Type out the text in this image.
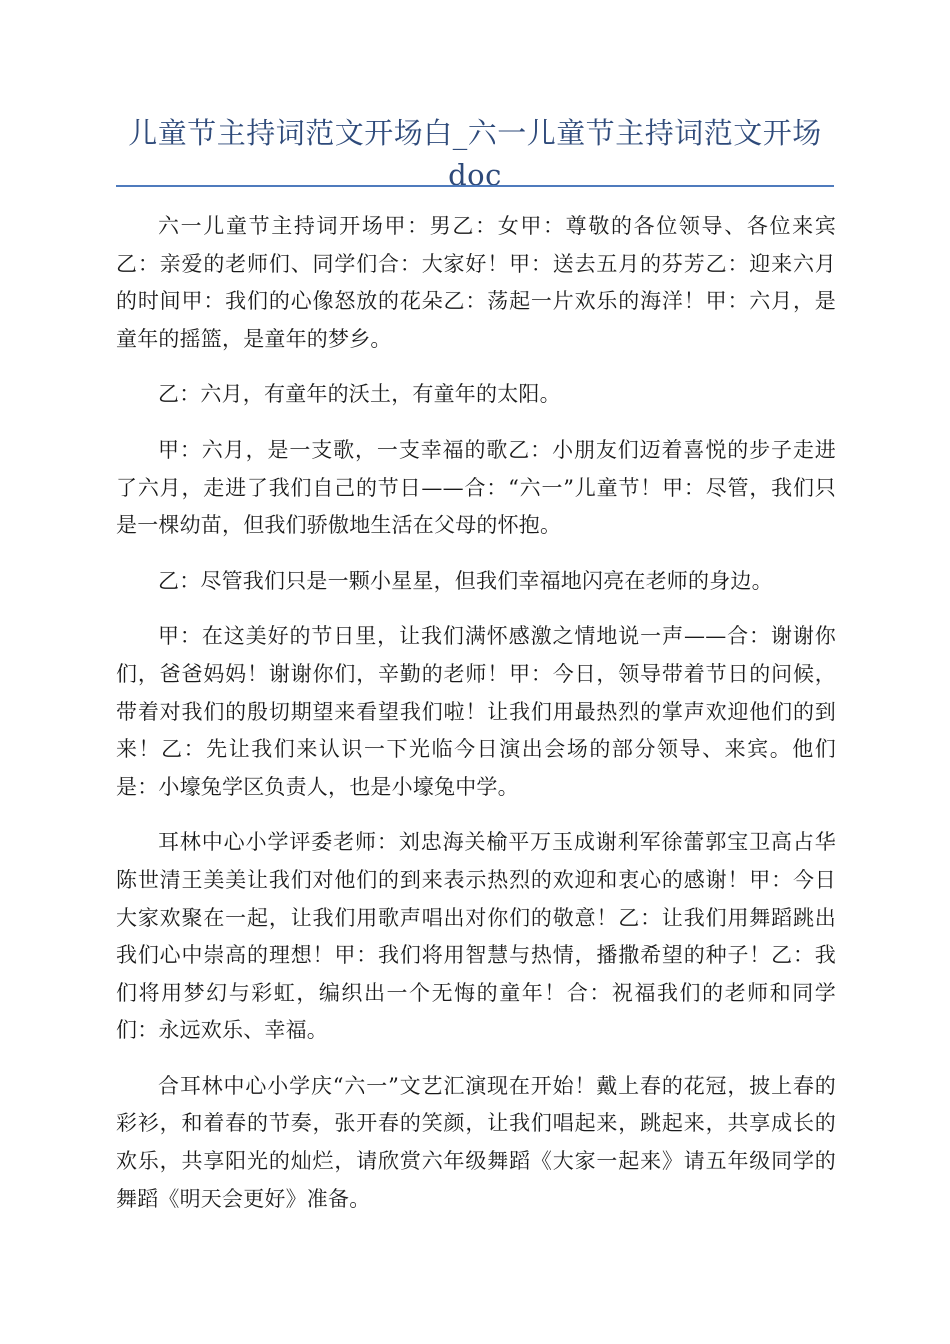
儿童节主持词范文开场白_六一儿童节主持词范文开场doc

六一儿童节主持词开场甲：男乙：女甲：尊敬的各位领导、各位来宾乙：亲爱的老师们、同学们合：大家好！甲：送去五月的芬芳乙：迎来六月的时间甲：我们的心像怒放的花朵乙：荡起一片欢乐的海洋！甲：六月，是童年的摇篮，是童年的梦乡。

乙：六月，有童年的沃土，有童年的太阳。

甲：六月，是一支歌，一支幸福的歌乙：小朋友们迈着喜悦的步子走进了六月，走进了我们自己的节日——合：“六一”儿童节！甲：尽管，我们只是一棵幼苗，但我们骄傲地生活在父母的怀抱。

乙：尽管我们只是一颗小星星，但我们幸福地闪亮在老师的身边。

甲：在这美好的节日里，让我们满怀感激之情地说一声——合：谢谢你们，爸爸妈妈！谢谢你们，辛勤的老师！甲：今日，领导带着节日的问候，带着对我们的殷切期望来看望我们啦！让我们用最热烈的掌声欢迎他们的到来！乙：先让我们来认识一下光临今日演出会场的部分领导、来宾。他们是：小壕兔学区负责人，也是小壕兔中学。

耳林中心小学评委老师：刘忠海关榆平万玉成谢利军徐蕾郭宝卫高占华陈世清王美美让我们对他们的到来表示热烈的欢迎和衷心的感谢！甲：今日大家欢聚在一起，让我们用歌声唱出对你们的敬意！乙：让我们用舞蹈跳出我们心中崇高的理想！甲：我们将用智慧与热情，播撒希望的种子！乙：我们将用梦幻与彩虹，编织出一个无悔的童年！合：祝福我们的老师和同学们：永远欢乐、幸福。

合耳林中心小学庆“六一”文艺汇演现在开始！戴上春的花冠，披上春的彩衫，和着春的节奏，张开春的笑颜，让我们唱起来，跳起来，共享成长的欢乐，共享阳光的灿烂，请欣赏六年级舞蹈《大家一起来》请五年级同学的舞蹈《明天会更好》准备。
